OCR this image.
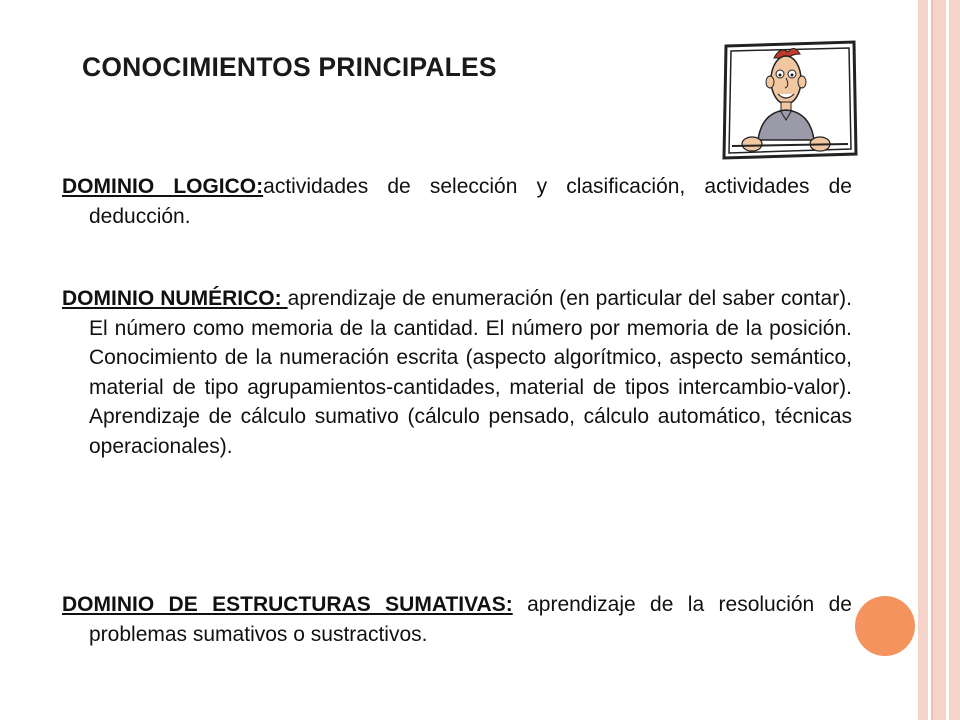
CONOCIMIENTOS PRINCIPALES
DOMINIO LOGICO:actividades de selección y clasificación, actividades de deducción.
DOMINIO NUMÉRICO: aprendizaje de enumeración (en particular del saber contar). El número como memoria de la cantidad. El número por memoria de la posición. Conocimiento de la numeración escrita (aspecto algorítmico, aspecto semántico, material de tipo agrupamientos-cantidades, material de tipos intercambio-valor). Aprendizaje de cálculo sumativo (cálculo pensado, cálculo automático, técnicas operacionales).
DOMINIO DE ESTRUCTURAS SUMATIVAS: aprendizaje de la resolución de problemas sumativos o sustractivos.
